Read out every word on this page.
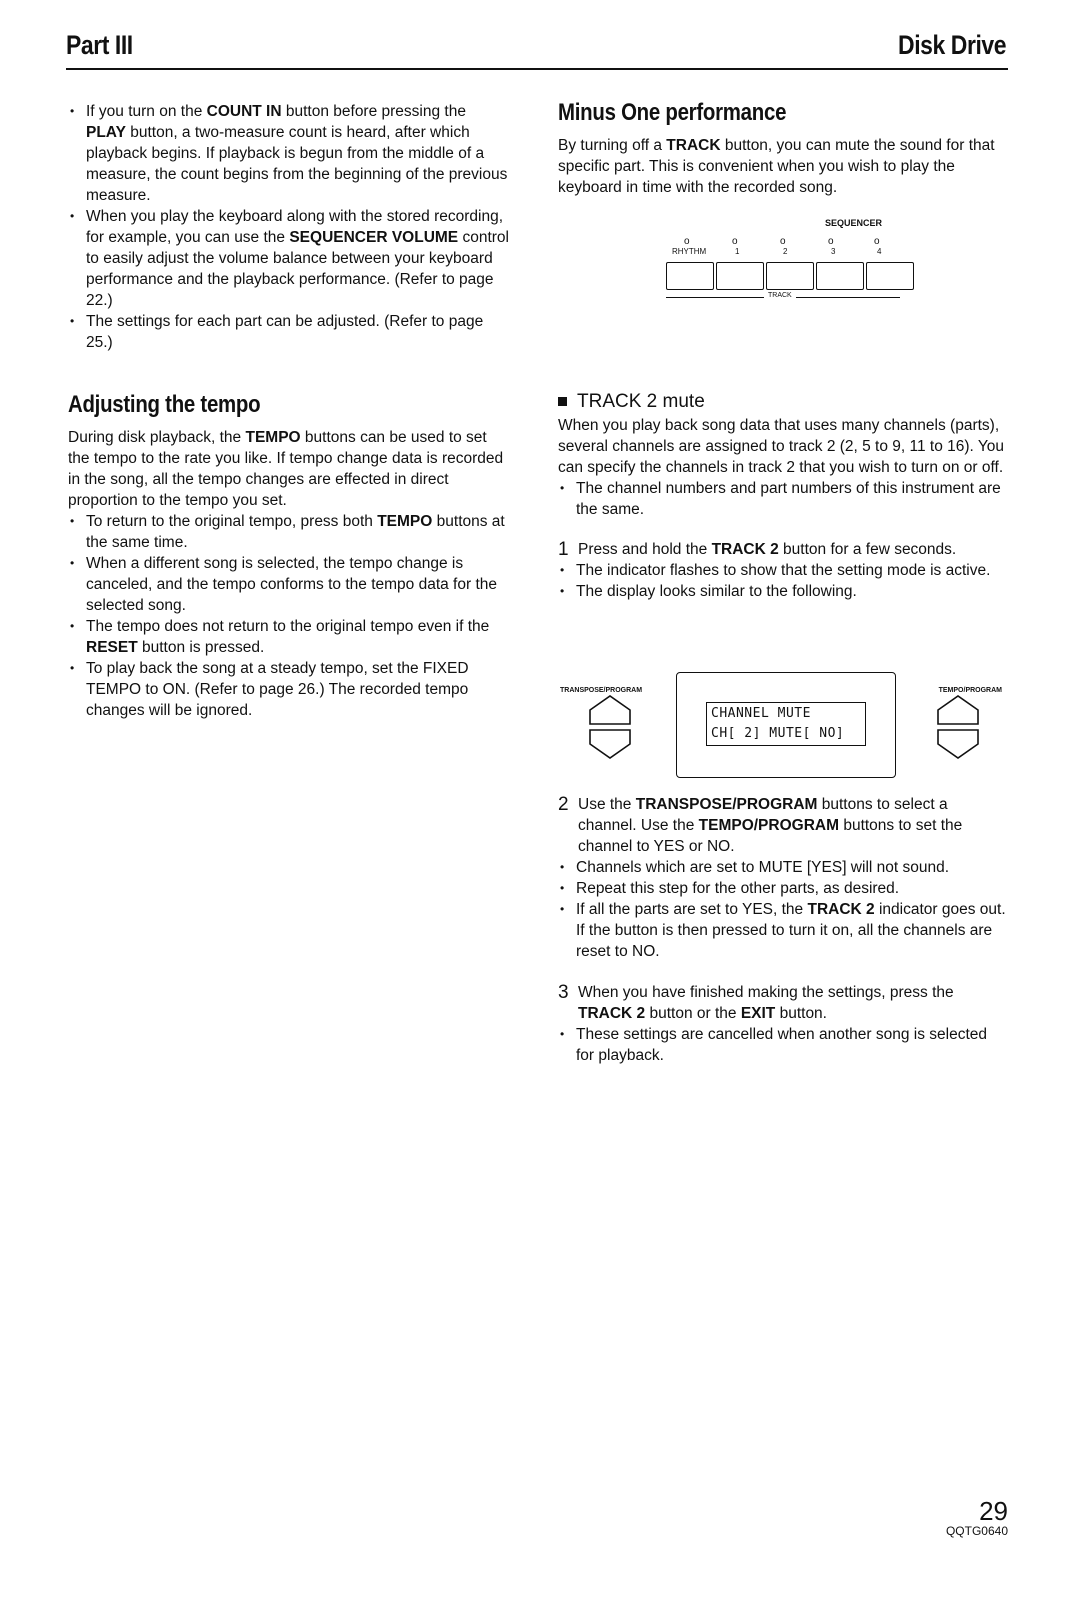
Part III	Disk Drive

• If you turn on the COUNT IN button before pressing the PLAY button, a two-measure count is heard, after which playback begins. If playback is begun from the middle of a measure, the count begins from the beginning of the previous measure.

• When you play the keyboard along with the stored recording, for example, you can use the SEQUENCER VOLUME control to easily adjust the volume balance between your keyboard performance and the playback performance. (Refer to page 22.)

• The settings for each part can be adjusted. (Refer to page 25.)

Adjusting the tempo

During disk playback, the TEMPO buttons can be used to set the tempo to the rate you like. If tempo change data is recorded in the song, all the tempo changes are effected in direct proportion to the tempo you set.

• To return to the original tempo, press both TEMPO buttons at the same time.

• When a different song is selected, the tempo change is canceled, and the tempo conforms to the tempo data for the selected song.

• The tempo does not return to the original tempo even if the RESET button is pressed.

• To play back the song at a steady tempo, set the FIXED TEMPO to ON. (Refer to page 26.) The recorded tempo changes will be ignored.

Minus One performance

By turning off a TRACK button, you can mute the sound for that specific part. This is convenient when you wish to play the keyboard in time with the recorded song.

SEQUENCER
o	o	o	o	o
RHYTHM	1	2	3	4
TRACK
TRACK 2 mute

When you play back song data that uses many channels (parts), several channels are assigned to track 2 (2, 5 to 9, 11 to 16). You can specify the channels in track 2 that you wish to turn on or off.

• The channel numbers and part numbers of this instrument are the same.

1 Press and hold the TRACK 2 button for a few seconds.

• The indicator flashes to show that the setting mode is active.

• The display looks similar to the following.

TRANSPOSE/PROGRAM	TEMPO/PROGRAM
CHANNEL MUTE
CH[ 2] MUTE[ NO]

2 Use the TRANSPOSE/PROGRAM buttons to select a channel. Use the TEMPO/PROGRAM buttons to set the channel to YES or NO.

• Channels which are set to MUTE [YES] will not sound.

• Repeat this step for the other parts, as desired.

• If all the parts are set to YES, the TRACK 2 indicator goes out. If the button is then pressed to turn it on, all the channels are reset to NO.

3 When you have finished making the settings, press the TRACK 2 button or the EXIT button.

• These settings are cancelled when another song is selected for playback.

29
QQTG0640
